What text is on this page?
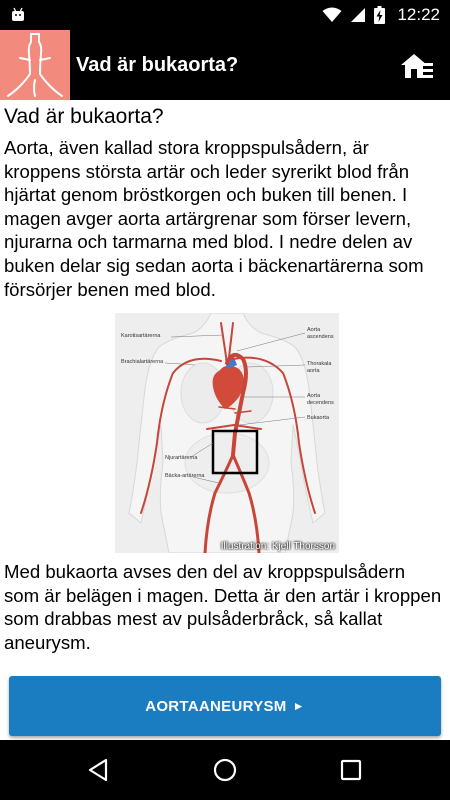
12:22
Vad är bukaorta?
Vad är bukaorta?

Aorta, även kallad stora kroppspulsådern, är kroppens största artär och leder syrerikt blod från hjärtat genom bröstkorgen och buken till benen. I magen avger aorta artärgrenar som förser levern, njurarna och tarmarna med blod. I nedre delen av buken delar sig sedan aorta i bäckenartärerna som försörjer benen med blod.

Karotisartärerna
Brachialartärerna
Aorta
ascendens
Thorakala
aorta
Aorta
decendens
Bukaorta
Njurartärerna
Bäcka-artärerna
Illustration: Kjell Thorsson

Med bukaorta avses den del av kroppspulsådern som är belägen i magen. Detta är den artär i kroppen som drabbas mest av pulsåderbråck, så kallat aneurysm.

AORTAANEURYSM ►
